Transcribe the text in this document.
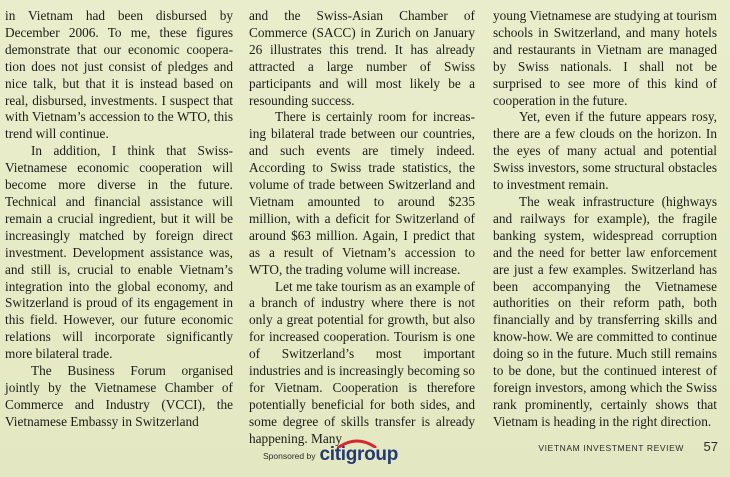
in Vietnam had been disbursed by December 2006. To me, these figures demonstrate that our economic cooperation does not just consist of pledges and nice talk, but that it is instead based on real, disbursed, investments. I suspect that with Vietnam’s accession to the WTO, this trend will continue.

In addition, I think that Swiss-Vietnamese economic cooperation will become more diverse in the future. Technical and financial assistance will remain a crucial ingredient, but it will be increasingly matched by foreign direct investment. Development assistance was, and still is, crucial to enable Vietnam’s integration into the global economy, and Switzerland is proud of its engagement in this field. However, our future economic relations will incorporate significantly more bilateral trade.

The Business Forum organised jointly by the Vietnamese Chamber of Commerce and Industry (VCCI), the Vietnamese Embassy in Switzerland

and the Swiss-Asian Chamber of Commerce (SACC) in Zurich on January 26 illustrates this trend. It has already attracted a large number of Swiss participants and will most likely be a resounding success.

There is certainly room for increasing bilateral trade between our countries, and such events are timely indeed. According to Swiss trade statistics, the volume of trade between Switzerland and Vietnam amounted to around $235 million, with a deficit for Switzerland of around $63 million. Again, I predict that as a result of Vietnam’s accession to WTO, the trading volume will increase.

Let me take tourism as an example of a branch of industry where there is not only a great potential for growth, but also for increased cooperation. Tourism is one of Switzerland’s most important industries and is increasingly becoming so for Vietnam. Cooperation is therefore potentially beneficial for both sides, and some degree of skills transfer is already happening. Many

young Vietnamese are studying at tourism schools in Switzerland, and many hotels and restaurants in Vietnam are managed by Swiss nationals. I shall not be surprised to see more of this kind of cooperation in the future.

Yet, even if the future appears rosy, there are a few clouds on the horizon. In the eyes of many actual and potential Swiss investors, some structural obstacles to investment remain.

The weak infrastructure (highways and railways for example), the fragile banking system, widespread corruption and the need for better law enforcement are just a few examples. Switzerland has been accompanying the Vietnamese authorities on their reform path, both financially and by transferring skills and know-how. We are committed to continue doing so in the future. Much still remains to be done, but the continued interest of foreign investors, among which the Swiss rank prominently, certainly shows that Vietnam is heading in the right direction.

Sponsored by citigroup	VIETNAM INVESTMENT REVIEW 57
